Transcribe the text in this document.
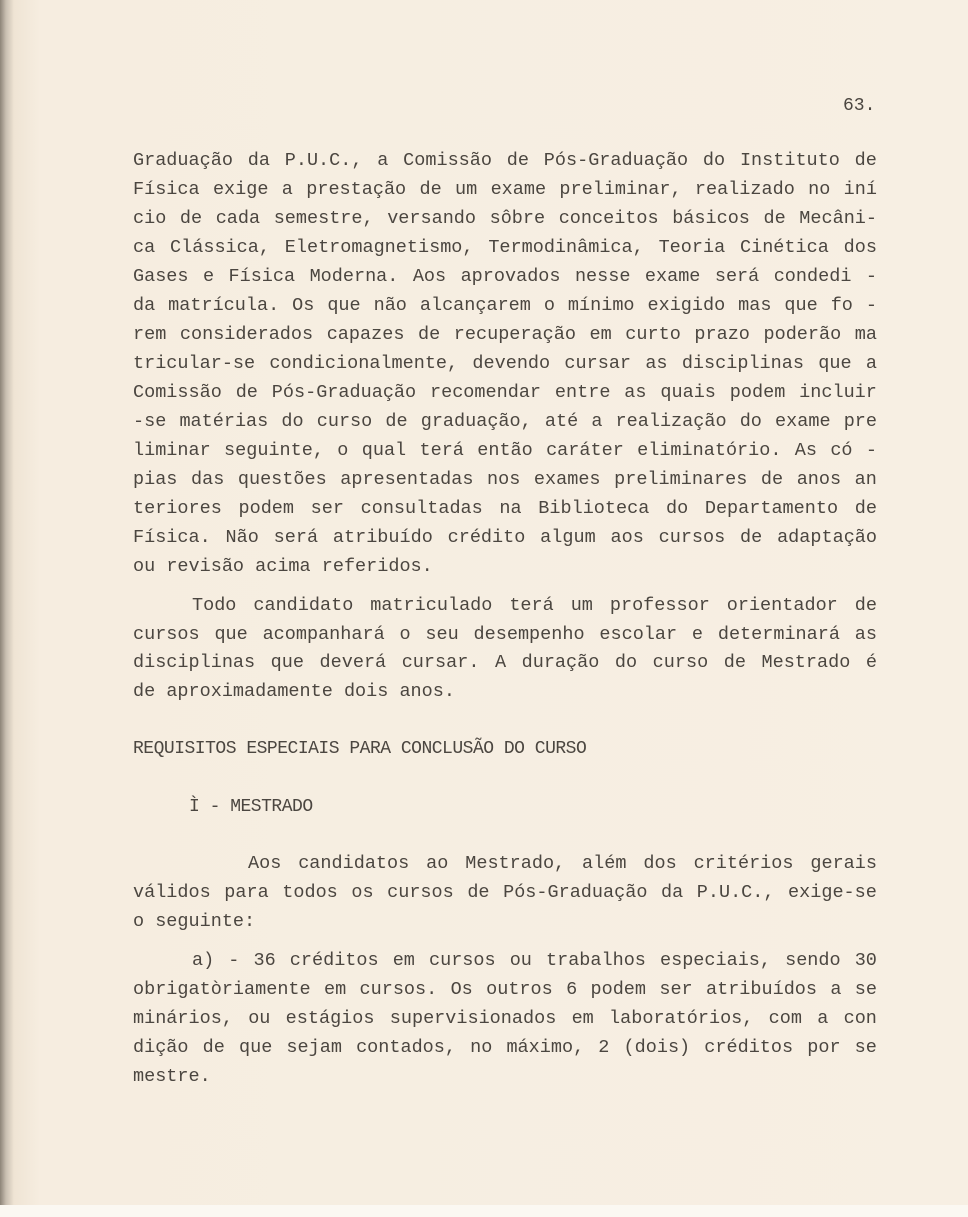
63.
REQUISITOS ESPECIAIS PARA CONCLUSÃO DO CURSO
Ì - MESTRADO
Graduação da P.U.C., a Comissão de Pós-Graduação do Instituto de
Física exige a prestação de um exame preliminar, realizado no iní
cio de cada semestre, versando sôbre conceitos básicos de Mecâni-
ca Clássica, Eletromagnetismo, Termodinâmica, Teoria Cinética dos
Gases e Física Moderna. Aos aprovados nesse exame será condedi -
da matrícula. Os que não alcançarem o mínimo exigido mas que fo -
rem considerados capazes de recuperação em curto prazo poderão ma
tricular-se condicionalmente, devendo cursar as disciplinas que a
Comissão de Pós-Graduação recomendar entre as quais podem incluir
-se matérias do curso de graduação, até a realização do exame pre
liminar seguinte, o qual terá então caráter eliminatório. As có -
pias das questões apresentadas nos exames preliminares de anos an
teriores podem ser consultadas na Biblioteca do Departamento de
Física. Não será atribuído crédito algum aos cursos de adaptação
ou revisão acima referidos.
Todo candidato matriculado terá um professor orientador de
cursos que acompanhará o seu desempenho escolar e determinará as
disciplinas que deverá cursar. A duração do curso de Mestrado é
de aproximadamente dois anos.
Aos candidatos ao Mestrado, além dos critérios gerais
válidos para todos os cursos de Pós-Graduação da P.U.C., exige-se
o seguinte:
a) - 36 créditos em cursos ou trabalhos especiais, sendo 30
obrigatòriamente em cursos. Os outros 6 podem ser atribuídos a se
minários, ou estágios supervisionados em laboratórios, com a con
dição de que sejam contados, no máximo, 2 (dois) créditos por se
mestre.
